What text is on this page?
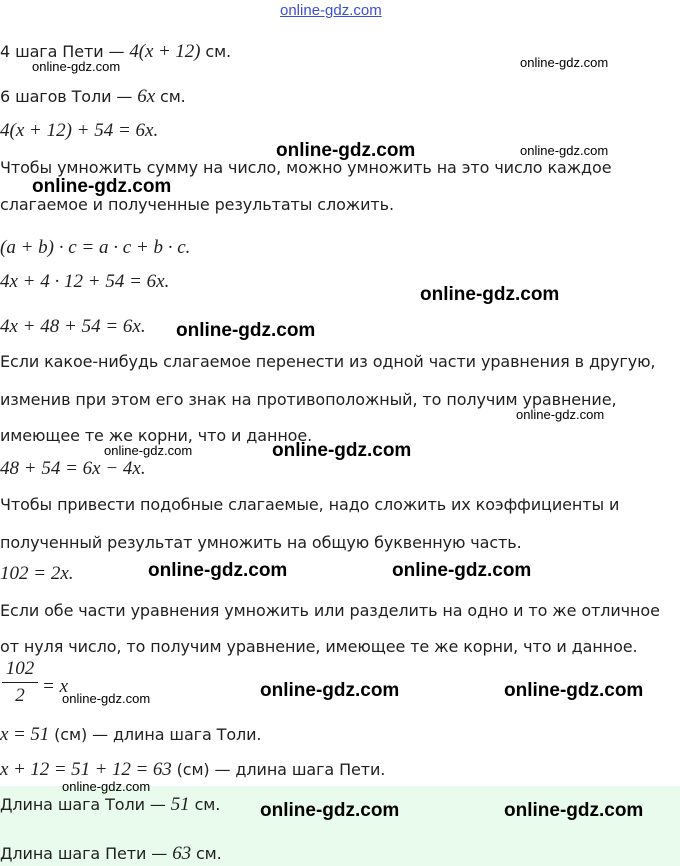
online-gdz.com
4 шага Пети — 4(x + 12) см.
6 шагов Толи — 6x см.
4(x + 12) + 54 = 6x.
Чтобы умножить сумму на число, можно умножить на это число каждое
слагаемое и полученные результаты сложить.
(a + b) · c = a · c + b · c.
4x + 4 · 12 + 54 = 6x.
4x + 48 + 54 = 6x.
Если какое-нибудь слагаемое перенести из одной части уравнения в другую,
изменив при этом его знак на противоположный, то получим уравнение,
имеющее те же корни, что и данное.
48 + 54 = 6x − 4x.
Чтобы привести подобные слагаемые, надо сложить их коэффициенты и
полученный результат умножить на общую буквенную часть.
102 = 2x.
Если обе части уравнения умножить или разделить на одно и то же отличное
от нуля число, то получим уравнение, имеющее те же корни, что и данное.
102
2 = x
x = 51 (см) — длина шага Толи.
x + 12 = 51 + 12 = 63 (см) — длина шага Пети.
Длина шага Толи — 51 см.
Длина шага Пети — 63 см.
online-gdz.com	online-gdz.com
online-gdz.com	online-gdz.com
online-gdz.com
online-gdz.com
online-gdz.com
online-gdz.com
online-gdz.com	online-gdz.com
online-gdz.com	online-gdz.com
online-gdz.com	online-gdz.com
online-gdz.com
online-gdz.com
online-gdz.com	online-gdz.com
